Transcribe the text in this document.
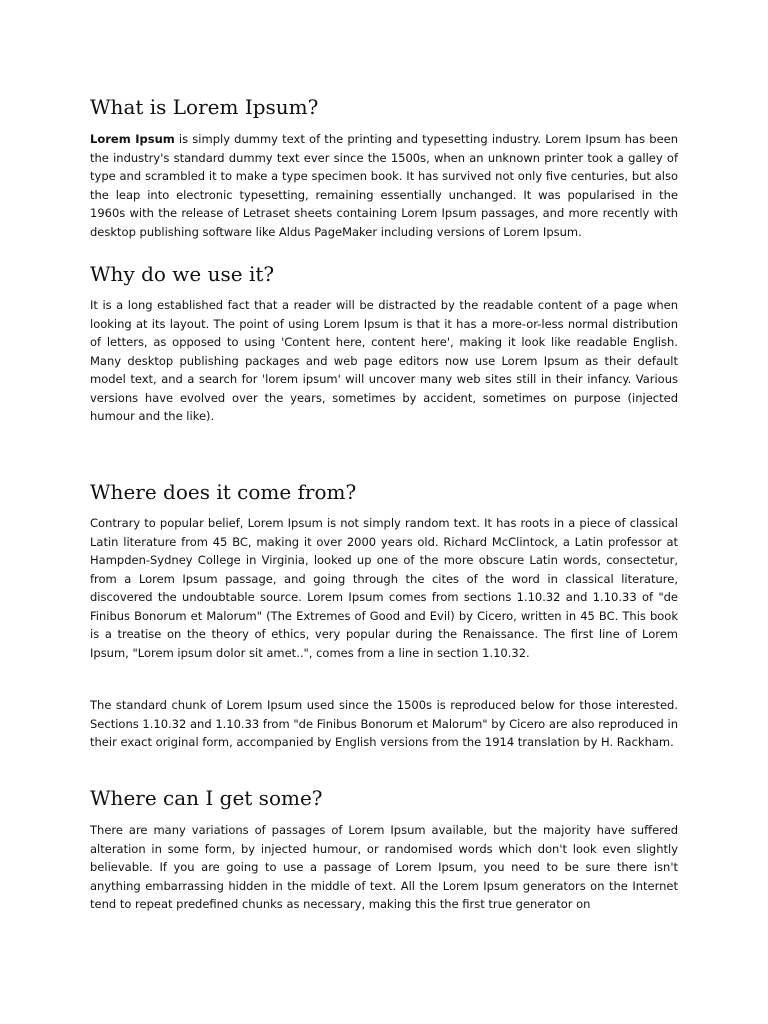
What is Lorem Ipsum?

Lorem Ipsum is simply dummy text of the printing and typesetting industry. Lorem Ipsum has been the industry's standard dummy text ever since the 1500s, when an unknown printer took a galley of type and scrambled it to make a type specimen book. It has survived not only five centuries, but also the leap into electronic typesetting, remaining essentially unchanged. It was popularised in the 1960s with the release of Letraset sheets containing Lorem Ipsum passages, and more recently with desktop publishing software like Aldus PageMaker including versions of Lorem Ipsum.

Why do we use it?

It is a long established fact that a reader will be distracted by the readable content of a page when looking at its layout. The point of using Lorem Ipsum is that it has a more-or-less normal distribution of letters, as opposed to using 'Content here, content here', making it look like readable English. Many desktop publishing packages and web page editors now use Lorem Ipsum as their default model text, and a search for 'lorem ipsum' will uncover many web sites still in their infancy. Various versions have evolved over the years, sometimes by accident, sometimes on purpose (injected humour and the like).

Where does it come from?

Contrary to popular belief, Lorem Ipsum is not simply random text. It has roots in a piece of classical Latin literature from 45 BC, making it over 2000 years old. Richard McClintock, a Latin professor at Hampden-Sydney College in Virginia, looked up one of the more obscure Latin words, consectetur, from a Lorem Ipsum passage, and going through the cites of the word in classical literature, discovered the undoubtable source. Lorem Ipsum comes from sections 1.10.32 and 1.10.33 of "de Finibus Bonorum et Malorum" (The Extremes of Good and Evil) by Cicero, written in 45 BC. This book is a treatise on the theory of ethics, very popular during the Renaissance. The first line of Lorem Ipsum, "Lorem ipsum dolor sit amet..", comes from a line in section 1.10.32.

The standard chunk of Lorem Ipsum used since the 1500s is reproduced below for those interested. Sections 1.10.32 and 1.10.33 from "de Finibus Bonorum et Malorum" by Cicero are also reproduced in their exact original form, accompanied by English versions from the 1914 translation by H. Rackham.

Where can I get some?

There are many variations of passages of Lorem Ipsum available, but the majority have suffered alteration in some form, by injected humour, or randomised words which don't look even slightly believable. If you are going to use a passage of Lorem Ipsum, you need to be sure there isn't anything embarrassing hidden in the middle of text. All the Lorem Ipsum generators on the Internet tend to repeat predefined chunks as necessary, making this the first true generator on
